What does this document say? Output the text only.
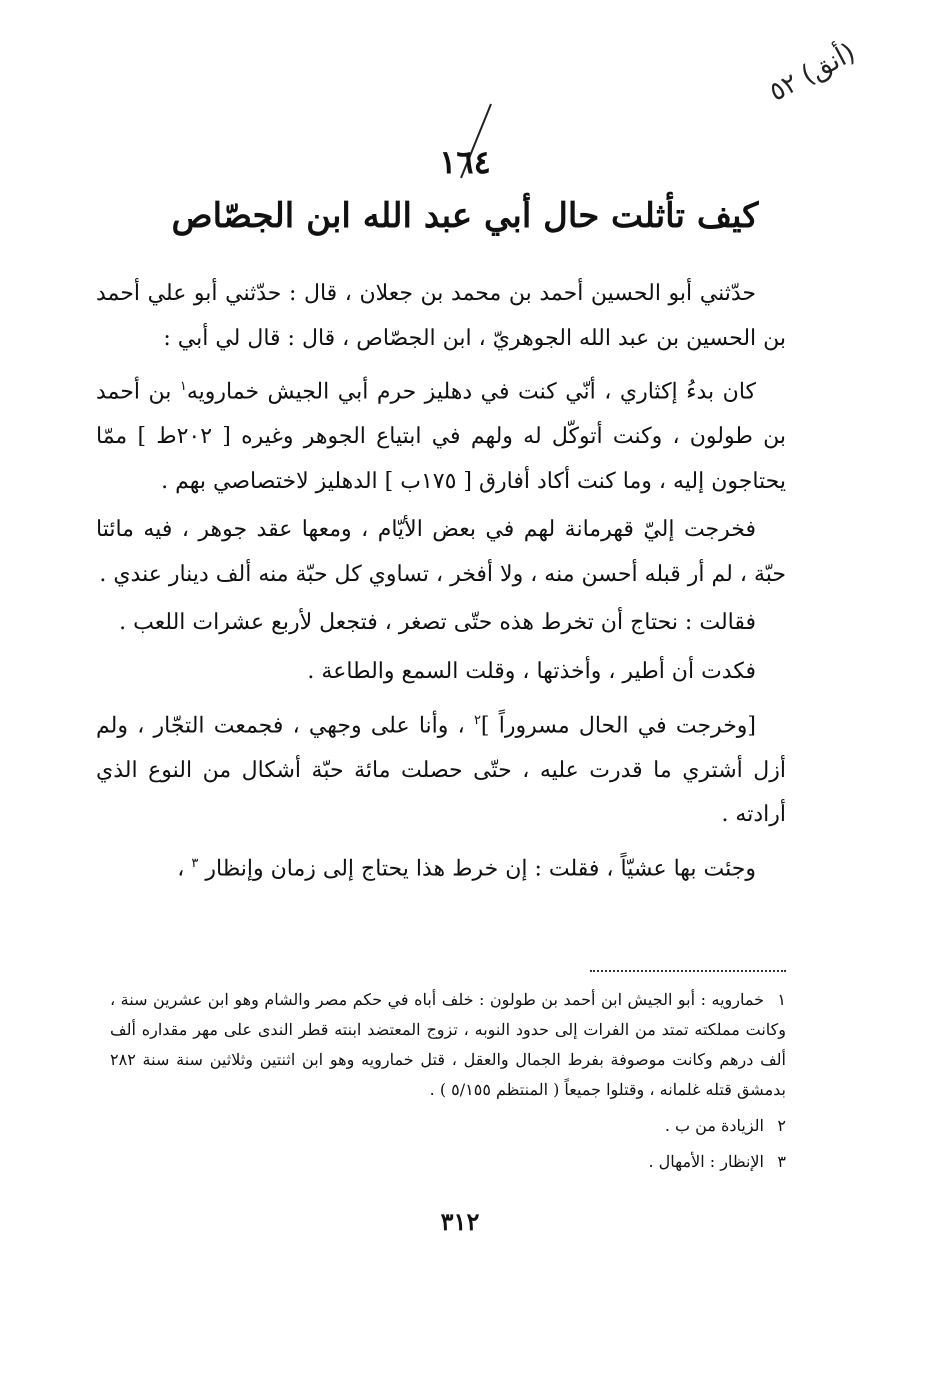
(أنق) ٥٢
١٦٤
كيف تأثلت حال أبي عبد الله ابن الجصّاص

حدّثني أبو الحسين أحمد بن محمد بن جعلان ، قال : حدّثني أبو علي أحمد بن الحسين بن عبد الله الجوهريّ ، ابن الجصّاص ، قال : قال لي أبي :

كان بدءُ إكثاري ، أنّي كنت في دهليز حرم أبي الجيش خمارويه$^١$ بن أحمد بن طولون ، وكنت أتوكّل له ولهم في ابتياع الجوهر وغيره [ ٢٠٢ط ] ممّا يحتاجون إليه ، وما كنت أكاد أفارق [ ١٧٥ب ] الدهليز لاختصاصي بهم .

فخرجت إليّ قهرمانة لهم في بعض الأيّام ، ومعها عقد جوهر ، فيه مائتا حبّة ، لم أر قبله أحسن منه ، ولا أفخر ، تساوي كل حبّة منه ألف دينار عندي .

فقالت : نحتاج أن تخرط هذه حتّى تصغر ، فتجعل لأربع عشرات اللعب .

فكدت أن أطير ، وأخذتها ، وقلت السمع والطاعة .

[وخرجت في الحال مسروراً ]$^٢$ ، وأنا على وجهي ، فجمعت التجّار ، ولم أزل أشتري ما قدرت عليه ، حتّى حصلت مائة حبّة أشكال من النوع الذي أرادته .

وجئت بها عشيّاً ، فقلت : إن خرط هذا يحتاج إلى زمان وإنظار $^٣$ ،

١خمارويه : أبو الجيش ابن أحمد بن طولون : خلف أباه في حكم مصر والشام وهو ابن عشرين سنة ، وكانت مملكته تمتد من الفرات إلى حدود النوبه ، تزوج المعتضد ابنته قطر الندى على مهر مقداره ألف ألف درهم وكانت موصوفة بفرط الجمال والعقل ، قتل خمارويه وهو ابن اثنتين وثلاثين سنة سنة ٢٨٢ بدمشق قتله غلمانه ، وقتلوا جميعاً ( المنتظم ٥/١٥٥ ) .
٢الزيادة من ب .
٣الإنظار : الأمهال .
٣١٢
